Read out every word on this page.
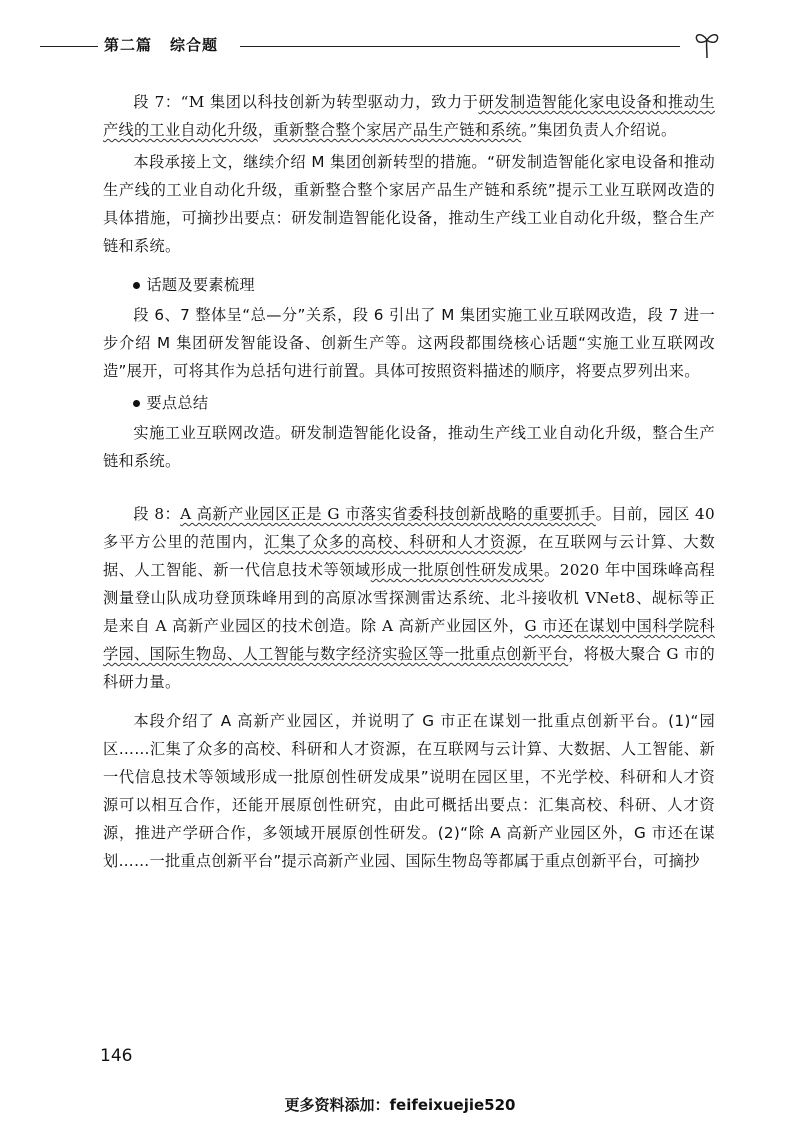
第二篇 综合题

段 7：“M 集团以科技创新为转型驱动力，致力于研发制造智能化家电设备和推动生产线的工业自动化升级，重新整合整个家居产品生产链和系统。”集团负责人介绍说。

本段承接上文，继续介绍 M 集团创新转型的措施。“研发制造智能化家电设备和推动生产线的工业自动化升级，重新整合整个家居产品生产链和系统”提示工业互联网改造的具体措施，可摘抄出要点：研发制造智能化设备，推动生产线工业自动化升级，整合生产链和系统。

话题及要素梳理

段 6、7 整体呈“总—分”关系，段 6 引出了 M 集团实施工业互联网改造，段 7 进一步介绍 M 集团研发智能设备、创新生产等。这两段都围绕核心话题“实施工业互联网改造”展开，可将其作为总括句进行前置。具体可按照资料描述的顺序，将要点罗列出来。

要点总结

实施工业互联网改造。研发制造智能化设备，推动生产线工业自动化升级，整合生产链和系统。

段 8：A 高新产业园区正是 G 市落实省委科技创新战略的重要抓手。目前，园区 40 多平方公里的范围内，汇集了众多的高校、科研和人才资源，在互联网与云计算、大数据、人工智能、新一代信息技术等领域形成一批原创性研发成果。2020 年中国珠峰高程测量登山队成功登顶珠峰用到的高原冰雪探测雷达系统、北斗接收机 VNet8、觇标等正是来自 A 高新产业园区的技术创造。除 A 高新产业园区外，G 市还在谋划中国科学院科学园、国际生物岛、人工智能与数字经济实验区等一批重点创新平台，将极大聚合 G 市的科研力量。

本段介绍了 A 高新产业园区，并说明了 G 市正在谋划一批重点创新平台。(1)“园区……汇集了众多的高校、科研和人才资源，在互联网与云计算、大数据、人工智能、新一代信息技术等领域形成一批原创性研发成果”说明在园区里，不光学校、科研和人才资源可以相互合作，还能开展原创性研究，由此可概括出要点：汇集高校、科研、人才资源，推进产学研合作，多领域开展原创性研发。(2)“除 A 高新产业园区外，G 市还在谋划……一批重点创新平台”提示高新产业园、国际生物岛等都属于重点创新平台，可摘抄

146
更多资料添加：feifeixuejie520
